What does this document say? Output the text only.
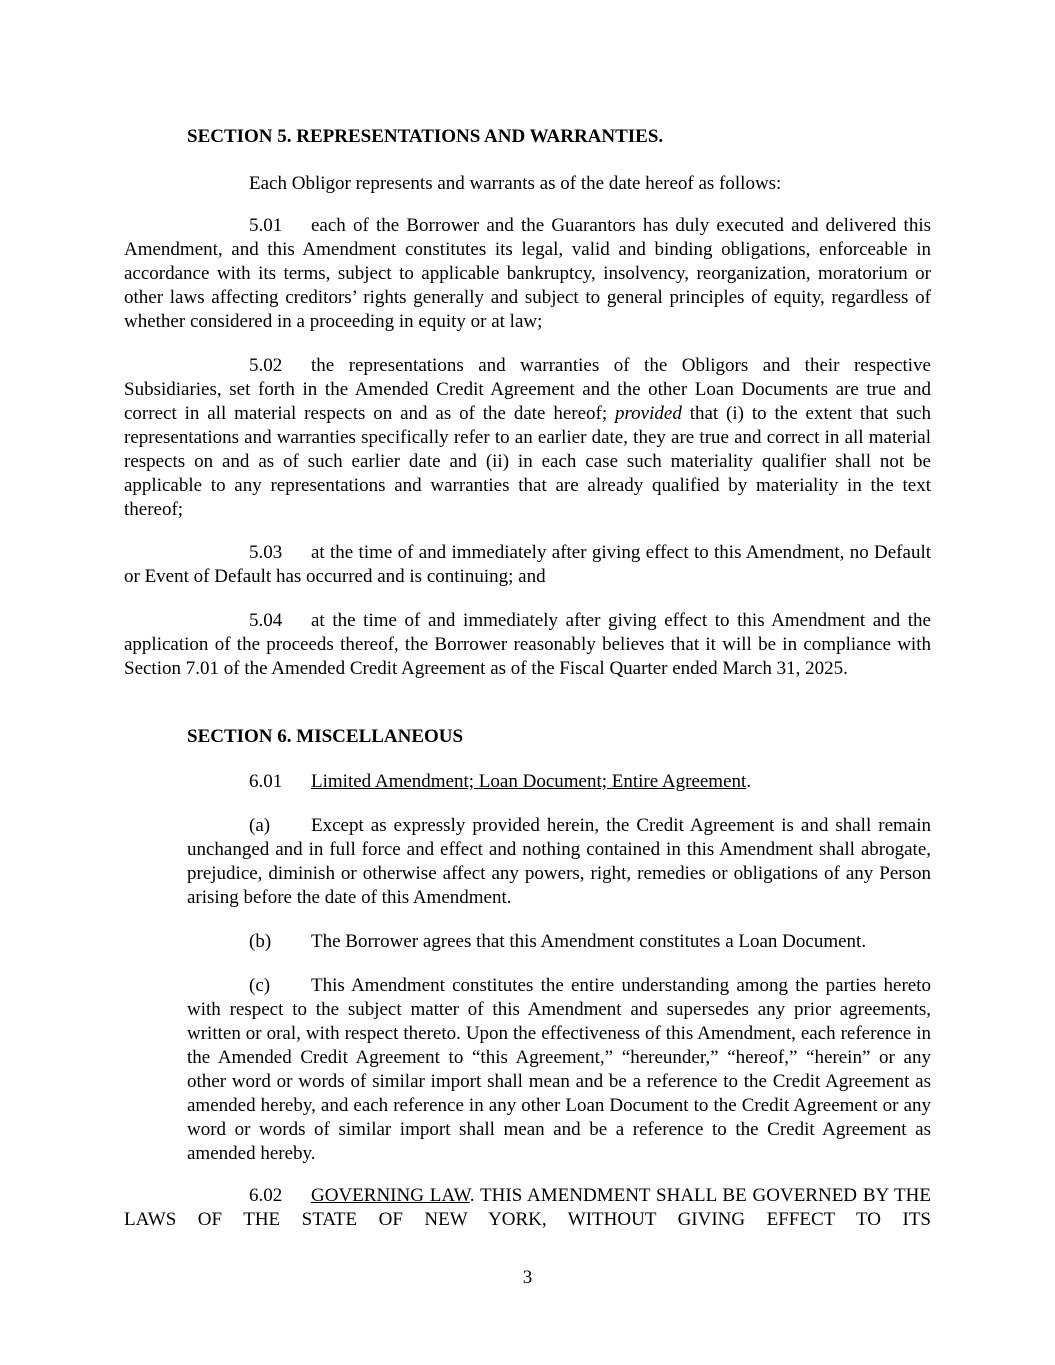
SECTION 5. REPRESENTATIONS AND WARRANTIES.

Each Obligor represents and warrants as of the date hereof as follows:

5.01 each of the Borrower and the Guarantors has duly executed and delivered this Amendment, and this Amendment constitutes its legal, valid and binding obligations, enforceable in accordance with its terms, subject to applicable bankruptcy, insolvency, reorganization, moratorium or other laws affecting creditors’ rights generally and subject to general principles of equity, regardless of whether considered in a proceeding in equity or at law;

5.02 the representations and warranties of the Obligors and their respective Subsidiaries, set forth in the Amended Credit Agreement and the other Loan Documents are true and correct in all material respects on and as of the date hereof; provided that (i) to the extent that such representations and warranties specifically refer to an earlier date, they are true and correct in all material respects on and as of such earlier date and (ii) in each case such materiality qualifier shall not be applicable to any representations and warranties that are already qualified by materiality in the text thereof;

5.03 at the time of and immediately after giving effect to this Amendment, no Default or Event of Default has occurred and is continuing; and

5.04 at the time of and immediately after giving effect to this Amendment and the application of the proceeds thereof, the Borrower reasonably believes that it will be in compliance with Section 7.01 of the Amended Credit Agreement as of the Fiscal Quarter ended March 31, 2025.

SECTION 6. MISCELLANEOUS

6.01 Limited Amendment; Loan Document; Entire Agreement.

(a) Except as expressly provided herein, the Credit Agreement is and shall remain unchanged and in full force and effect and nothing contained in this Amendment shall abrogate, prejudice, diminish or otherwise affect any powers, right, remedies or obligations of any Person arising before the date of this Amendment.

(b) The Borrower agrees that this Amendment constitutes a Loan Document.

(c) This Amendment constitutes the entire understanding among the parties hereto with respect to the subject matter of this Amendment and supersedes any prior agreements, written or oral, with respect thereto. Upon the effectiveness of this Amendment, each reference in the Amended Credit Agreement to “this Agreement,” “hereunder,” “hereof,” “herein” or any other word or words of similar import shall mean and be a reference to the Credit Agreement as amended hereby, and each reference in any other Loan Document to the Credit Agreement or any word or words of similar import shall mean and be a reference to the Credit Agreement as amended hereby.

6.02 GOVERNING LAW. THIS AMENDMENT SHALL BE GOVERNED BY THE LAWS OF THE STATE OF NEW YORK, WITHOUT GIVING EFFECT TO ITS

3
